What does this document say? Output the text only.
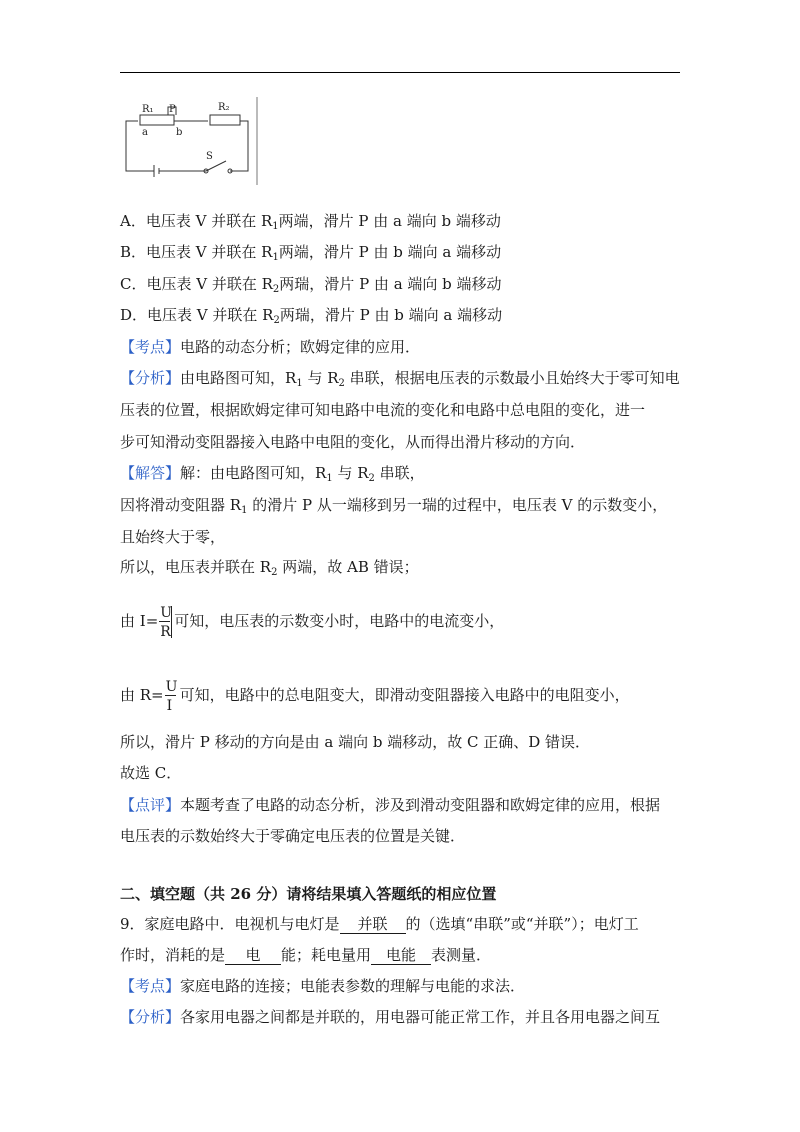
R₁ P	R₂
a	b
S
A．电压表 V 并联在 $R_1$两端，滑片 P 由 a 端向 b 端移动
B．电压表 V 并联在 $R_1$两端，滑片 P 由 b 端向 a 端移动
C．电压表 V 并联在 $R_2$两瑞，滑片 P 由 a 端向 b 端移动
D．电压表 V 并联在 $R_2$两瑞，滑片 P 由 b 端向 a 端移动
【考点】电路的动态分析；欧姆定律的应用．
【分析】由电路图可知，$R_1$ 与 $R_2$ 串联，根据电压表的示数最小且始终大于零可知电
压表的位置，根据欧姆定律可知电路中电流的变化和电路中总电阻的变化，进一
步可知滑动变阻器接入电路中电阻的变化，从而得出滑片移动的方向．
【解答】解：由电路图可知，$R_1$ 与 $R_2$ 串联，
因将滑动变阻器 $R_1$ 的滑片 P 从一端移到另一瑞的过程中，电压表 V 的示数变小，
且始终大于零，
所以，电压表并联在 $R_2$ 两端，故 AB 错误；
由 $I= \frac{U}{R}$ 可知，电压表的示数变小时，电路中的电流变小，
由 $R= \frac{U}{I}$ 可知，电路中的总电阻变大，即滑动变阻器接入电路中的电阻变小，
所以，滑片 P 移动的方向是由 a 端向 b 端移动，故 C 正确、D 错误．
故选 C．
【点评】本题考查了电路的动态分析，涉及到滑动变阻器和欧姆定律的应用，根据
电压表的示数始终大于零确定电压表的位置是关键．
二、填空题（共 26 分）请将结果填入答题纸的相应位置
9．家庭电路中．电视机与电灯是 并联 的（选填“串联”或“并联”）；电灯工
作时，消耗的是 电 能；耗电量用 电能 表测量．
【考点】家庭电路的连接；电能表参数的理解与电能的求法．
【分析】各家用电器之间都是并联的，用电器可能正常工作，并且各用电器之间互
